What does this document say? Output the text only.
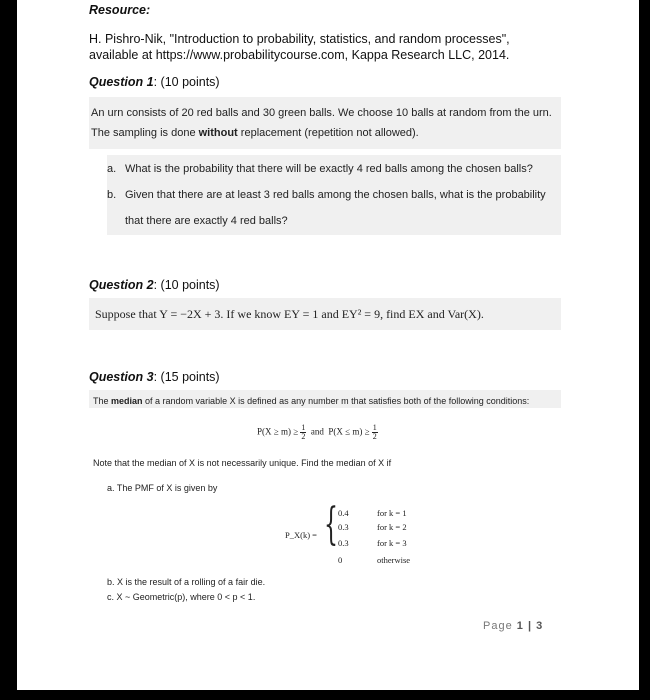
Resource:
H. Pishro-Nik, "Introduction to probability, statistics, and random processes",
available at https://www.probabilitycourse.com, Kappa Research LLC, 2014.
Question 1: (10 points)
An urn consists of 20 red balls and 30 green balls. We choose 10 balls at random from the urn.
The sampling is done without replacement (repetition not allowed).
a. What is the probability that there will be exactly 4 red balls among the chosen balls?
b. Given that there are at least 3 red balls among the chosen balls, what is the probability
that there are exactly 4 red balls?
Question 2: (10 points)
Suppose that Y = −2X + 3. If we know EY = 1 and EY² = 9, find EX and Var(X).
Question 3: (15 points)
The median of a random variable X is defined as any number m that satisfies both of the following conditions:
$P(X \ge m) \ge \frac{1}{2}$ and $P(X \le m) \ge \frac{1}{2}$
Note that the median of X is not necessarily unique. Find the median of X if
a. The PMF of X is given by
P_X(k) = { 0.4	for k = 1
0.3	for k = 2
0.3	for k = 3
0	otherwise
b. X is the result of a rolling of a fair die.
c. X ~ Geometric(p), where 0 < p < 1.
Page 1 | 3
